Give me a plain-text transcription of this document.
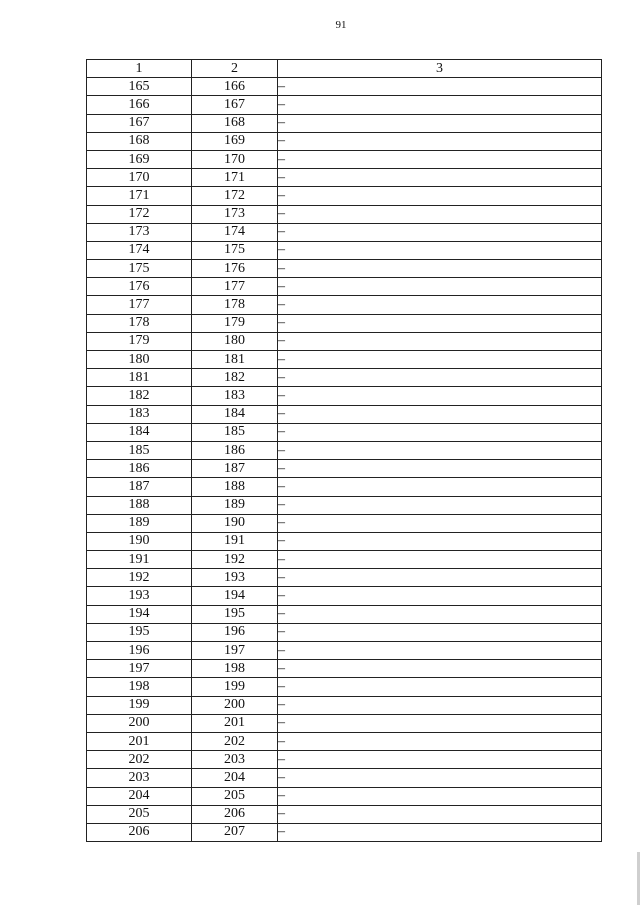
91
1	2	3
165	166	–
166	167	–
167	168	–
168	169	–
169	170	–
170	171	–
171	172	–
172	173	–
173	174	–
174	175	–
175	176	–
176	177	–
177	178	–
178	179	–
179	180	–
180	181	–
181	182	–
182	183	–
183	184	–
184	185	–
185	186	–
186	187	–
187	188	–
188	189	–
189	190	–
190	191	–
191	192	–
192	193	–
193	194	–
194	195	–
195	196	–
196	197	–
197	198	–
198	199	–
199	200	–
200	201	–
201	202	–
202	203	–
203	204	–
204	205	–
205	206	–
206	207	–
